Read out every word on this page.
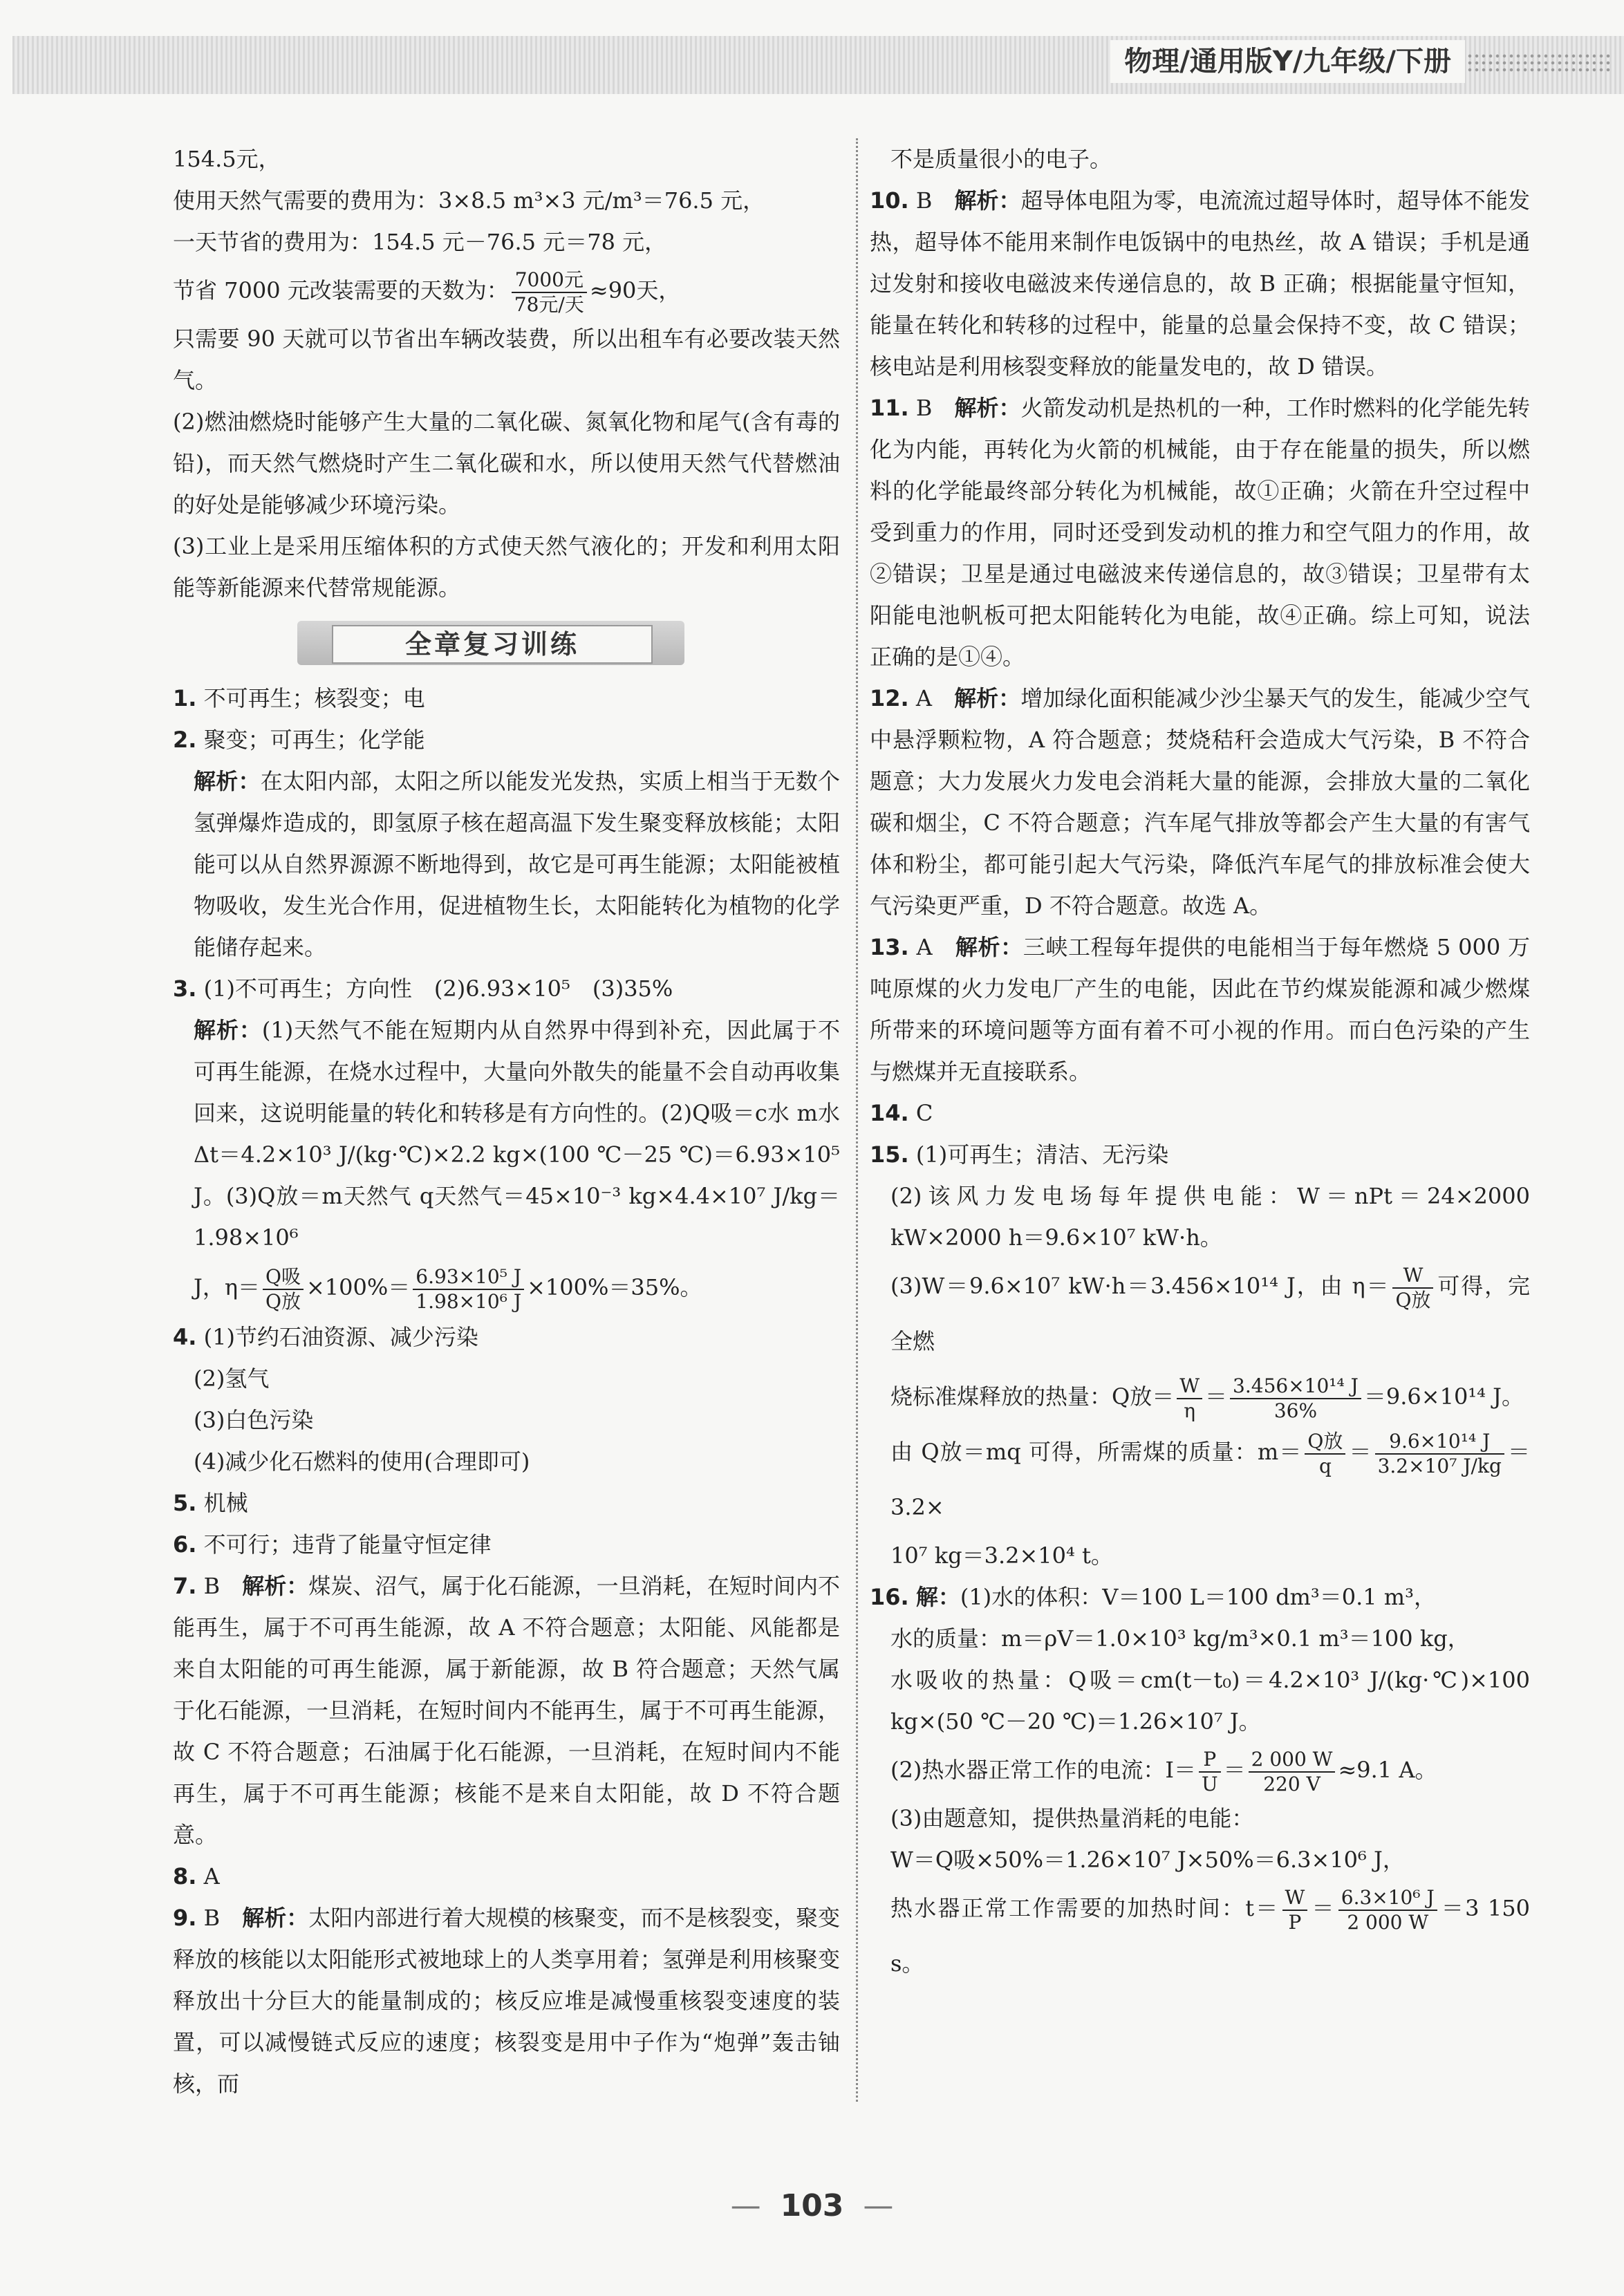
物理/通用版Y/九年级/下册

154.5元，

使用天然气需要的费用为：3×8.5 m³×3 元/m³＝76.5 元，

一天节省的费用为：154.5 元－76.5 元＝78 元，

节省 7000 元改装需要的天数为： $\frac{\text{7000元}}{\text{78元/天}} \approx 90$天，

只需要 90 天就可以节省出车辆改装费，所以出租车有必要改装天然气。

(2)燃油燃烧时能够产生大量的二氧化碳、氮氧化物和尾气(含有毒的铅)，而天然气燃烧时产生二氧化碳和水，所以使用天然气代替燃油的好处是能够减少环境污染。

(3)工业上是采用压缩体积的方式使天然气液化的；开发和利用太阳能等新能源来代替常规能源。

全章复习训练

1. 不可再生；核裂变；电

2. 聚变；可再生；化学能

解析：在太阳内部，太阳之所以能发光发热，实质上相当于无数个氢弹爆炸造成的，即氢原子核在超高温下发生聚变释放核能；太阳能可以从自然界源源不断地得到，故它是可再生能源；太阳能被植物吸收，发生光合作用，促进植物生长，太阳能转化为植物的化学能储存起来。

3. (1)不可再生；方向性　(2)6.93×10⁵　(3)35%

解析：(1)天然气不能在短期内从自然界中得到补充，因此属于不可再生能源，在烧水过程中，大量向外散失的能量不会自动再收集回来，这说明能量的转化和转移是有方向性的。(2)Q吸＝c水 m水 Δt＝4.2×10³ J/(kg·℃)×2.2 kg×(100 ℃－25 ℃)＝6.93×10⁵ J。(3)Q放＝m天然气 q天然气＝45×10⁻³ kg×4.4×10⁷ J/kg＝1.98×10⁶

J，$\eta= \frac{\text{Q吸}}{\text{Q放}} \times 100\%= \frac{\text{6.93×10⁵ J}}{\text{1.98×10⁶ J}} \times 100\%=35\%$。

4. (1)节约石油资源、减少污染

(2)氢气

(3)白色污染

(4)减少化石燃料的使用(合理即可)

5. 机械

6. 不可行；违背了能量守恒定律

7. B　解析：煤炭、沼气，属于化石能源，一旦消耗，在短时间内不能再生，属于不可再生能源，故 A 不符合题意；太阳能、风能都是来自太阳能的可再生能源，属于新能源，故 B 符合题意；天然气属于化石能源，一旦消耗，在短时间内不能再生，属于不可再生能源，故 C 不符合题意；石油属于化石能源，一旦消耗，在短时间内不能再生，属于不可再生能源；核能不是来自太阳能，故 D 不符合题意。

8. A

9. B　解析：太阳内部进行着大规模的核聚变，而不是核裂变，聚变释放的核能以太阳能形式被地球上的人类享用着；氢弹是利用核聚变释放出十分巨大的能量制成的；核反应堆是减慢重核裂变速度的装置，可以减慢链式反应的速度；核裂变是用中子作为“炮弹”轰击铀核，而

不是质量很小的电子。

10. B　解析：超导体电阻为零，电流流过超导体时，超导体不能发热，超导体不能用来制作电饭锅中的电热丝，故 A 错误；手机是通过发射和接收电磁波来传递信息的，故 B 正确；根据能量守恒知，能量在转化和转移的过程中，能量的总量会保持不变，故 C 错误；核电站是利用核裂变释放的能量发电的，故 D 错误。

11. B　解析：火箭发动机是热机的一种，工作时燃料的化学能先转化为内能，再转化为火箭的机械能，由于存在能量的损失，所以燃料的化学能最终部分转化为机械能，故①正确；火箭在升空过程中受到重力的作用，同时还受到发动机的推力和空气阻力的作用，故②错误；卫星是通过电磁波来传递信息的，故③错误；卫星带有太阳能电池帆板可把太阳能转化为电能，故④正确。综上可知，说法正确的是①④。

12. A　解析：增加绿化面积能减少沙尘暴天气的发生，能减少空气中悬浮颗粒物，A 符合题意；焚烧秸秆会造成大气污染，B 不符合题意；大力发展火力发电会消耗大量的能源，会排放大量的二氧化碳和烟尘，C 不符合题意；汽车尾气排放等都会产生大量的有害气体和粉尘，都可能引起大气污染，降低汽车尾气的排放标准会使大气污染更严重，D 不符合题意。故选 A。

13. A　解析：三峡工程每年提供的电能相当于每年燃烧 5 000 万吨原煤的火力发电厂产生的电能，因此在节约煤炭能源和减少燃煤所带来的环境问题等方面有着不可小视的作用。而白色污染的产生与燃煤并无直接联系。

14. C

15. (1)可再生；清洁、无污染

(2)该风力发电场每年提供电能：W＝nPt＝24×2000 kW×2000 h＝9.6×10⁷ kW·h。

(3)W＝9.6×10⁷ kW·h＝3.456×10¹⁴ J，由 $\eta= \frac{W}{\text{Q放}}$ 可得，完全燃

烧标准煤释放的热量：Q放＝ $\frac{W}{\eta} = \frac{\text{3.456×10¹⁴ J}}{36\%} =9.6\times 10^{14}$ J。

由 Q放＝mq 可得，所需煤的质量：$m= \frac{\text{Q放}}{q} = \frac{\text{9.6×10¹⁴ J}}{\text{3.2×10⁷ J/kg}} =3.2\times$

10⁷ kg＝3.2×10⁴ t。

16. 解：(1)水的体积：V＝100 L＝100 dm³＝0.1 m³，

水的质量：m＝ρV＝1.0×10³ kg/m³×0.1 m³＝100 kg，

水吸收的热量：Q吸＝cm(t－t₀)＝4.2×10³ J/(kg·℃)×100 kg×(50 ℃－20 ℃)＝1.26×10⁷ J。

(2)热水器正常工作的电流：$I= \frac{P}{U} = \frac{2 000 W}{220 V} \approx 9.1$ A。

(3)由题意知，提供热量消耗的电能：

W＝Q吸×50%＝1.26×10⁷ J×50%＝6.3×10⁶ J，

热水器正常工作需要的加热时间：$t= \frac{W}{P} = \frac{\text{6.3×10⁶ J}}{2 000 W} =3$ 150 s。

— 103 —
